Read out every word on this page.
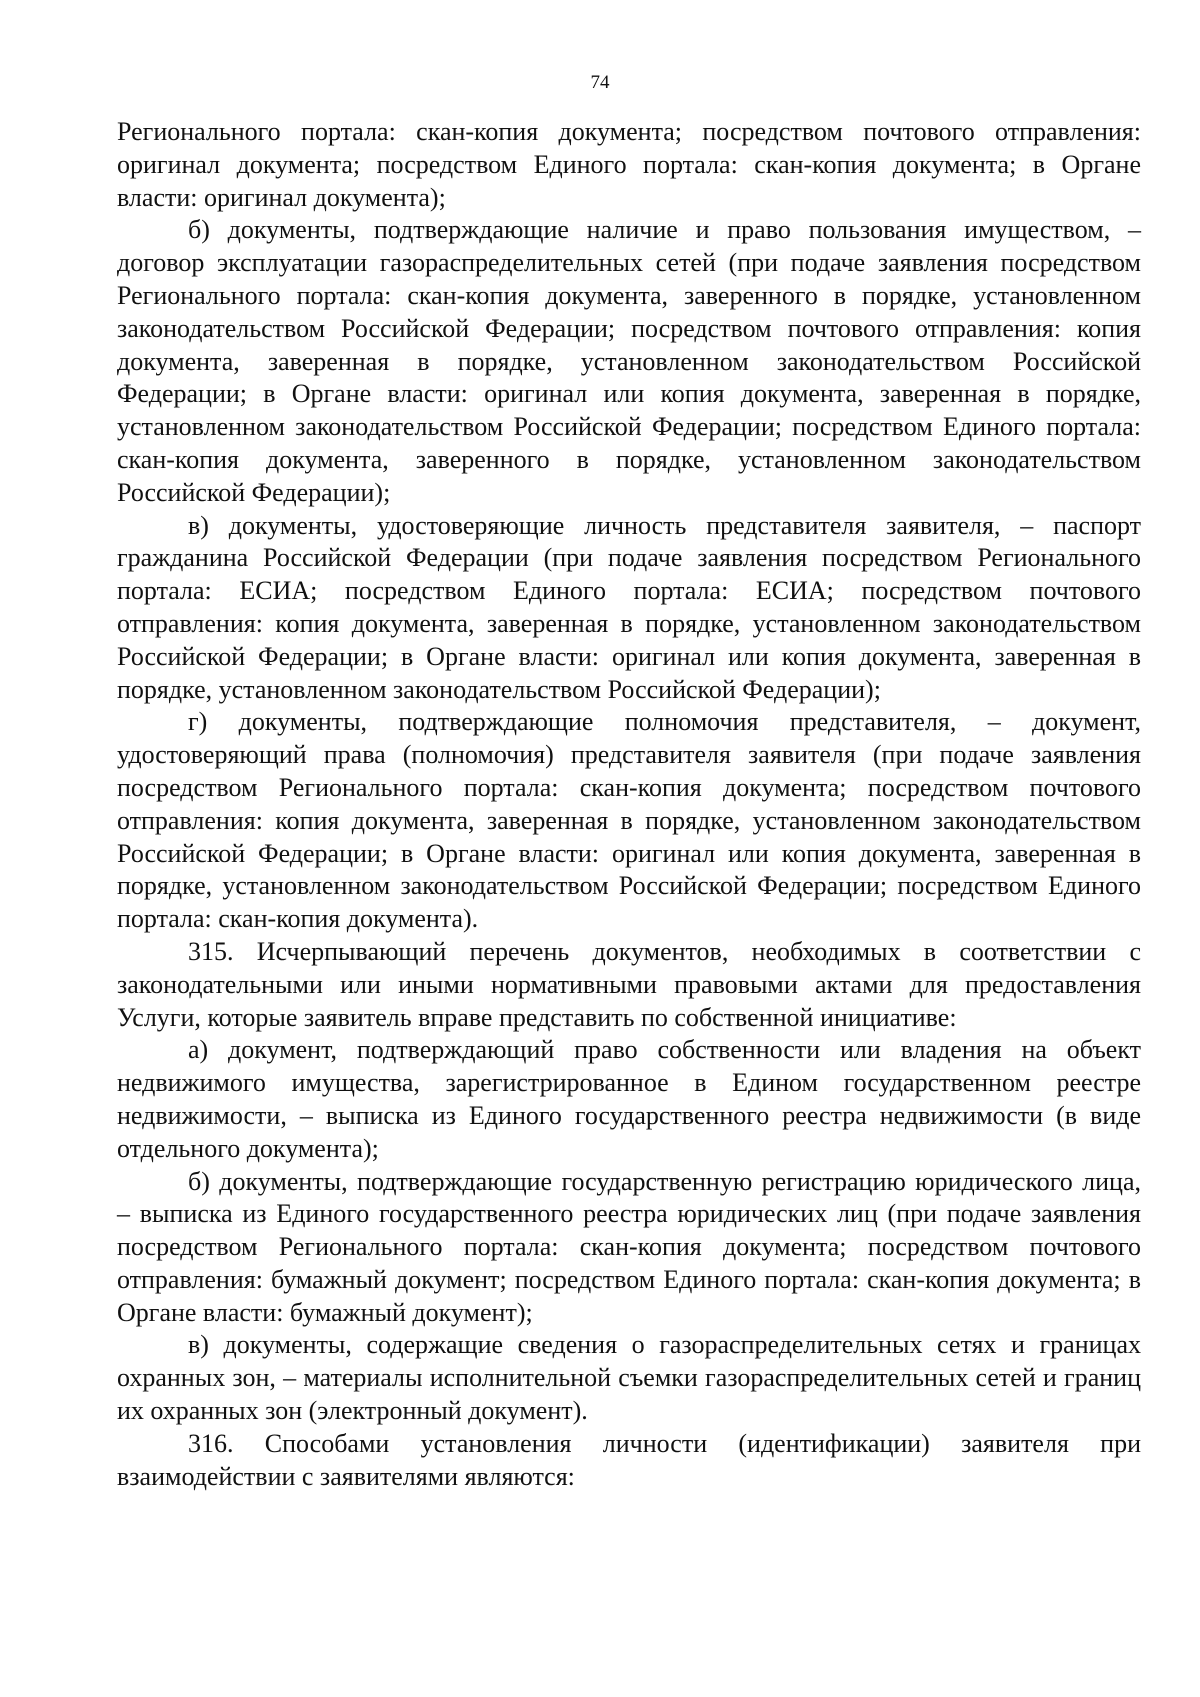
74

Регионального портала: скан-копия документа; посредством почтового отправления: оригинал документа; посредством Единого портала: скан-копия документа; в Органе власти: оригинал документа);

б) документы, подтверждающие наличие и право пользования имуществом, – договор эксплуатации газораспределительных сетей (при подаче заявления посредством Регионального портала: скан-копия документа, заверенного в порядке, установленном законодательством Российской Федерации; посредством почтового отправления: копия документа, заверенная в порядке, установленном законодательством Российской Федерации; в Органе власти: оригинал или копия документа, заверенная в порядке, установленном законодательством Российской Федерации; посредством Единого портала: скан-копия документа, заверенного в порядке, установленном законодательством Российской Федерации);

в) документы, удостоверяющие личность представителя заявителя, – паспорт гражданина Российской Федерации (при подаче заявления посредством Регионального портала: ЕСИА; посредством Единого портала: ЕСИА; посредством почтового отправления: копия документа, заверенная в порядке, установленном законодательством Российской Федерации; в Органе власти: оригинал или копия документа, заверенная в порядке, установленном законодательством Российской Федерации);

г) документы, подтверждающие полномочия представителя, – документ, удостоверяющий права (полномочия) представителя заявителя (при подаче заявления посредством Регионального портала: скан-копия документа; посредством почтового отправления: копия документа, заверенная в порядке, установленном законодательством Российской Федерации; в Органе власти: оригинал или копия документа, заверенная в порядке, установленном законодательством Российской Федерации; посредством Единого портала: скан-копия документа).

315. Исчерпывающий перечень документов, необходимых в соответствии с законодательными или иными нормативными правовыми актами для предоставления Услуги, которые заявитель вправе представить по собственной инициативе:

а) документ, подтверждающий право собственности или владения на объект недвижимого имущества, зарегистрированное в Едином государственном реестре недвижимости, – выписка из Единого государственного реестра недвижимости (в виде отдельного документа);

б) документы, подтверждающие государственную регистрацию юридического лица, – выписка из Единого государственного реестра юридических лиц (при подаче заявления посредством Регионального портала: скан-копия документа; посредством почтового отправления: бумажный документ; посредством Единого портала: скан-копия документа; в Органе власти: бумажный документ);

в) документы, содержащие сведения о газораспределительных сетях и границах охранных зон, – материалы исполнительной съемки газораспределительных сетей и границ их охранных зон (электронный документ).

316. Способами установления личности (идентификации) заявителя при взаимодействии с заявителями являются:
